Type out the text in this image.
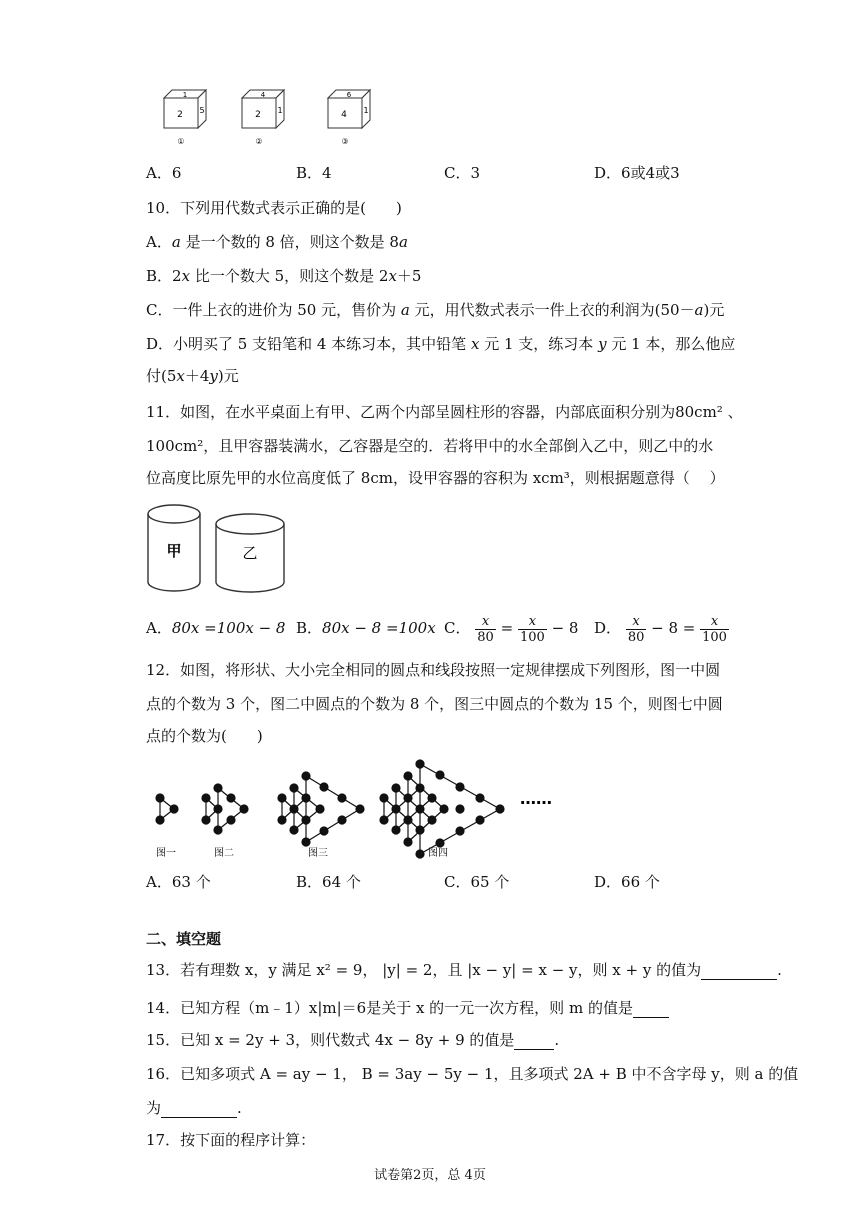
1
2 5
①
4
2 1
②
6
4 1
③
A．6	B．4	C．3	D．6或4或3
10．下列用代数式表示正确的是(　　)
A．a 是一个数的 8 倍，则这个数是 8a
B．2x 比一个数大 5，则这个数是 2x＋5
C．一件上衣的进价为 50 元，售价为 a 元，用代数式表示一件上衣的利润为(50－a)元
D．小明买了 5 支铅笔和 4 本练习本，其中铅笔 x 元 1 支，练习本 y 元 1 本，那么他应
付(5x＋4y)元
11．如图，在水平桌面上有甲、乙两个内部呈圆柱形的容器，内部底面积分别为80cm² 、
100cm²，且甲容器装满水，乙容器是空的．若将甲中的水全部倒入乙中，则乙中的水
位高度比原先甲的水位高度低了 8cm，设甲容器的容积为 xcm³，则根据题意得（　 ）
甲	乙
A．80x =100x − 8 B．80x − 8 =100x C． $\frac{x}{80} = \frac{x}{100} - 8$ D． $\frac{x}{80} - 8 = \frac{x}{100}$
12．如图，将形状、大小完全相同的圆点和线段按照一定规律摆成下列图形，图一中圆
点的个数为 3 个，图二中圆点的个数为 8 个，图三中圆点的个数为 15 个，则图七中圆
点的个数为(　　)
……
图一	图二	图三	图四
A．63 个	B．64 个	C．65 个	D．66 个
二、填空题
13．若有理数 x，y 满足 x² = 9， |y| = 2，且 |x − y| = x − y，则 x + y 的值为	.
14．已知方程（m﹣1）x|m|＝6是关于 x 的一元一次方程，则 m 的值是
15．已知 x = 2y + 3，则代数式 4x − 8y + 9 的值是	.
16．已知多项式 A = ay − 1， B = 3ay − 5y − 1，且多项式 2A + B 中不含字母 y，则 a 的值
为	.
17．按下面的程序计算：
试卷第2页，总 4页
